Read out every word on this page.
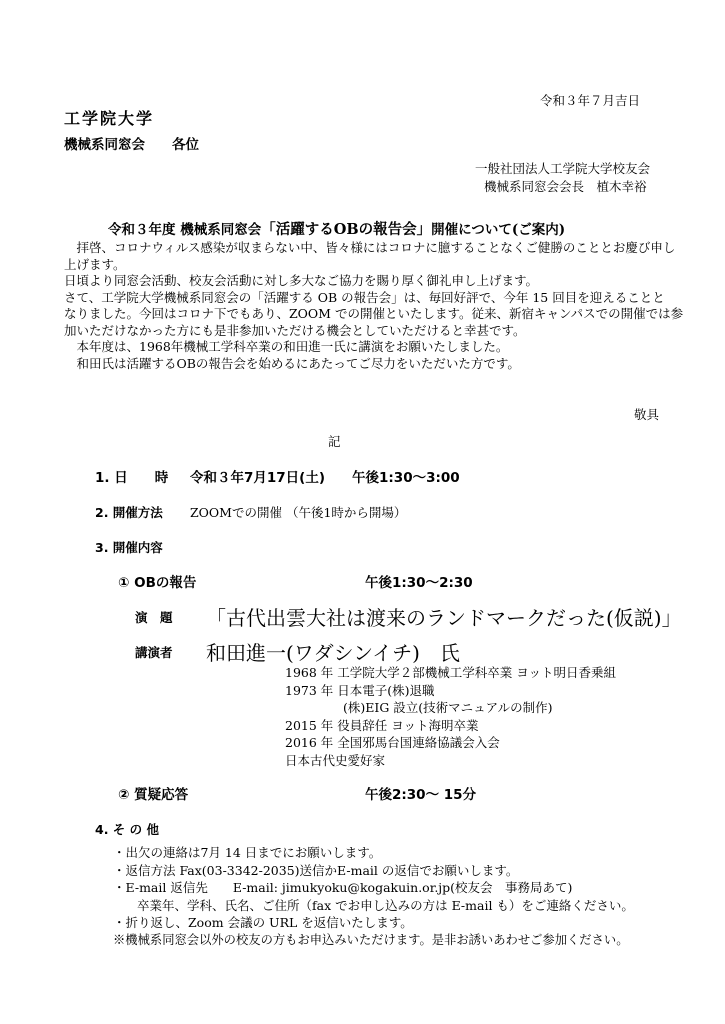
令和３年７月吉日
工学院大学
機械系同窓会　　各位
一般社団法人工学院大学校友会
機械系同窓会会長　植木幸裕
令和３年度 機械系同窓会「活躍するOBの報告会」開催について(ご案内)
　拝啓、コロナウィルス感染が収まらない中、皆々様にはコロナに臆することなくご健勝のこととお慶び申し
上げます。
日頃より同窓会活動、校友会活動に対し多大なご協力を賜り厚く御礼申し上げます。
さて、工学院大学機械系同窓会の「活躍する OB の報告会」は、毎回好評で、今年 15 回目を迎えることと
なりました。今回はコロナ下でもあり、ZOOM での開催といたします。従来、新宿キャンパスでの開催では参
加いただけなかった方にも是非参加いただける機会としていただけると幸甚です。
　本年度は、1968年機械工学科卒業の和田進一氏に講演をお願いたしました。
　和田氏は活躍するOBの報告会を始めるにあたってご尽力をいただいた方です。
敬具
記
1. 日　　時 令和３年7月17日(土)　　午後1:30～3:00
2. 開催方法 ZOOMでの開催 （午後1時から開場）
3. 開催内容
① OBの報告	午後1:30～2:30
演　題 「古代出雲大社は渡来のランドマークだった(仮説)」
講演者 和田進一(ワダシンイチ)　氏
1968 年 工学院大学２部機械工学科卒業 ヨット明日香乗組
1973 年 日本電子(株)退職
(株)EIG 設立(技術マニュアルの制作)
2015 年 役員辞任 ヨット海明卒業
2016 年 全国邪馬台国連絡協議会入会
日本古代史愛好家
② 質疑応答	午後2:30～ 15分
4. そ の 他
・出欠の連絡は7月 14 日までにお願いします。
・返信方法 Fax(03-3342-2035)送信かE-mail の返信でお願いします。
・E-mail 返信先　　E-mail: jimukyoku@kogakuin.or.jp(校友会　事務局あて)
卒業年、学科、氏名、ご住所（fax でお申し込みの方は E-mail も）をご連絡ください。
・折り返し、Zoom 会議の URL を返信いたします。
※機械系同窓会以外の校友の方もお申込みいただけます。是非お誘いあわせご参加ください。
